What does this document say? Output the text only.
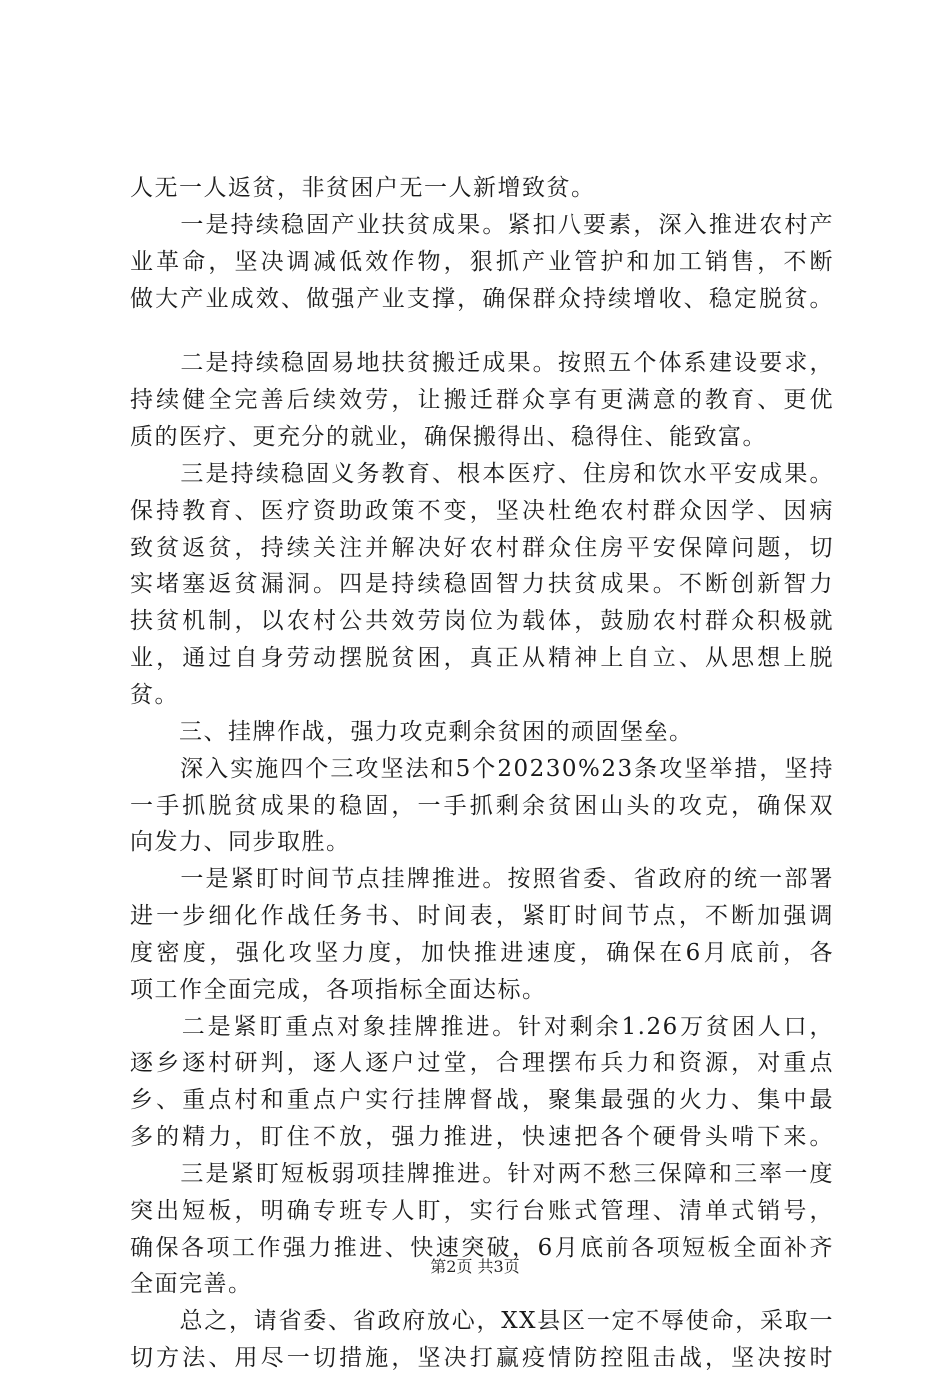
人无一人返贫，非贫困户无一人新增致贫。
　　一是持续稳固产业扶贫成果。紧扣八要素，深入推进农村产
业革命，坚决调减低效作物，狠抓产业管护和加工销售，不断
做大产业成效、做强产业支撑，确保群众持续增收、稳定脱贫。
　　二是持续稳固易地扶贫搬迁成果。按照五个体系建设要求，
持续健全完善后续效劳，让搬迁群众享有更满意的教育、更优
质的医疗、更充分的就业，确保搬得出、稳得住、能致富。
　　三是持续稳固义务教育、根本医疗、住房和饮水平安成果。
保持教育、医疗资助政策不变，坚决杜绝农村群众因学、因病
致贫返贫，持续关注并解决好农村群众住房平安保障问题，切
实堵塞返贫漏洞。四是持续稳固智力扶贫成果。不断创新智力
扶贫机制，以农村公共效劳岗位为载体，鼓励农村群众积极就
业，通过自身劳动摆脱贫困，真正从精神上自立、从思想上脱
贫。
　　三、挂牌作战，强力攻克剩余贫困的顽固堡垒。
　　深入实施四个三攻坚法和5个20230%23条攻坚举措，坚持
一手抓脱贫成果的稳固，一手抓剩余贫困山头的攻克，确保双
向发力、同步取胜。
　　一是紧盯时间节点挂牌推进。按照省委、省政府的统一部署
进一步细化作战任务书、时间表，紧盯时间节点，不断加强调
度密度，强化攻坚力度，加快推进速度，确保在6月底前，各
项工作全面完成，各项指标全面达标。
　　二是紧盯重点对象挂牌推进。针对剩余1.26万贫困人口，
逐乡逐村研判，逐人逐户过堂，合理摆布兵力和资源，对重点
乡、重点村和重点户实行挂牌督战，聚集最强的火力、集中最
多的精力，盯住不放，强力推进，快速把各个硬骨头啃下来。
　　三是紧盯短板弱项挂牌推进。针对两不愁三保障和三率一度
突出短板，明确专班专人盯，实行台账式管理、清单式销号，
确保各项工作强力推进、快速突破，6月底前各项短板全面补齐
全面完善。
　　总之，请省委、省政府放心，XX县区一定不辱使命，采取一
切方法、用尽一切措施，坚决打赢疫情防控阻击战，坚决按时
第2页 共3页
